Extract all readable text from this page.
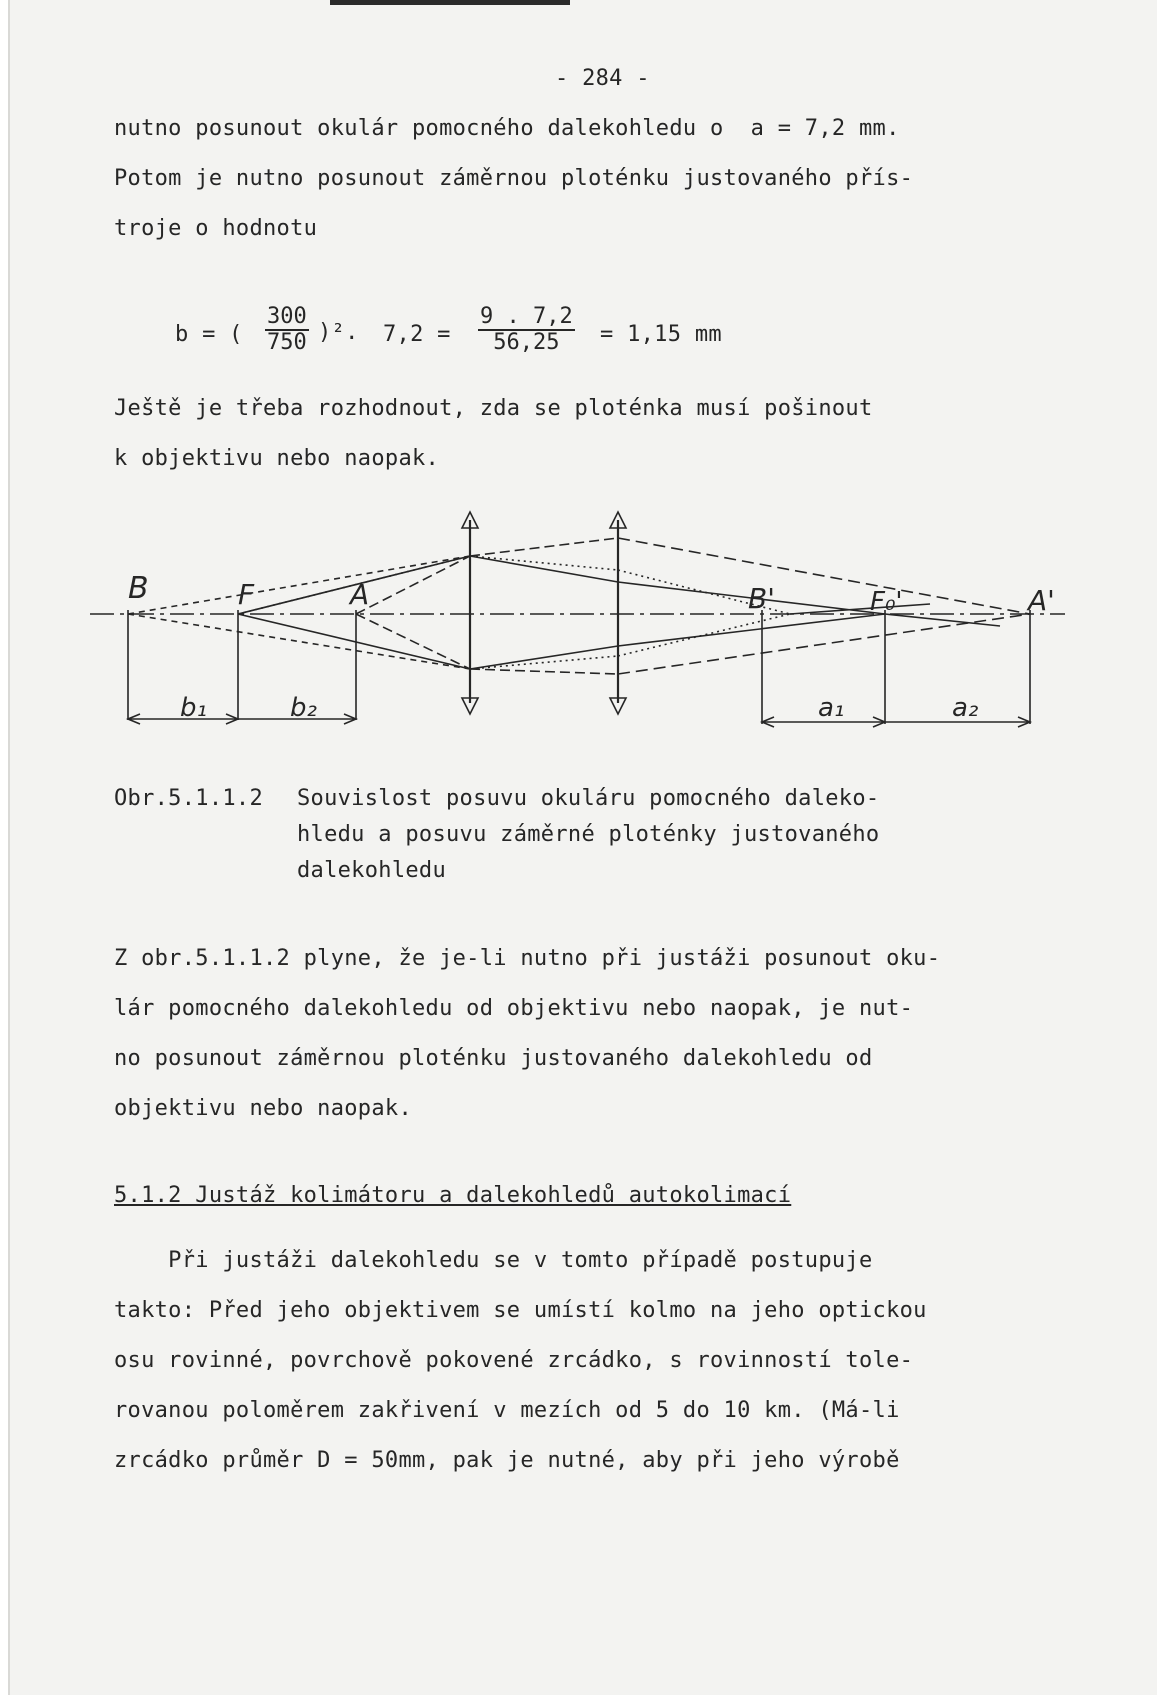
- 284 -
nutno posunout okulár pomocného dalekohledu o  a = 7,2 mm.
Potom je nutno posunout záměrnou ploténku justovaného přís-
troje o hodnotu
b = ( $\frac{300}{750} )^2$. $7,2 = \frac{9 . 7,2}{56,25} = 1,15$ mm
Ještě je třeba rozhodnout, zda se ploténka musí pošinout
k objektivu nebo naopak.
B	F	A	B'	F₀'	A'
b₁	b₂	a₁	a₂
Obr.5.1.1.2 Souvislost posuvu okuláru pomocného daleko-
hledu a posuvu záměrné ploténky justovaného
dalekohledu
Z obr.5.1.1.2 plyne, že je-li nutno při justáži posunout oku-
lár pomocného dalekohledu od objektivu nebo naopak, je nut-
no posunout záměrnou ploténku justovaného dalekohledu od
objektivu nebo naopak.
5.1.2 Justáž kolimátoru a dalekohledů autokolimací
Při justáži dalekohledu se v tomto případě postupuje
takto: Před jeho objektivem se umístí kolmo na jeho optickou
osu rovinné, povrchově pokovené zrcádko, s rovinností tole-
rovanou poloměrem zakřivení v mezích od 5 do 10 km. (Má-li
zrcádko průměr D = 50mm, pak je nutné, aby při jeho výrobě
